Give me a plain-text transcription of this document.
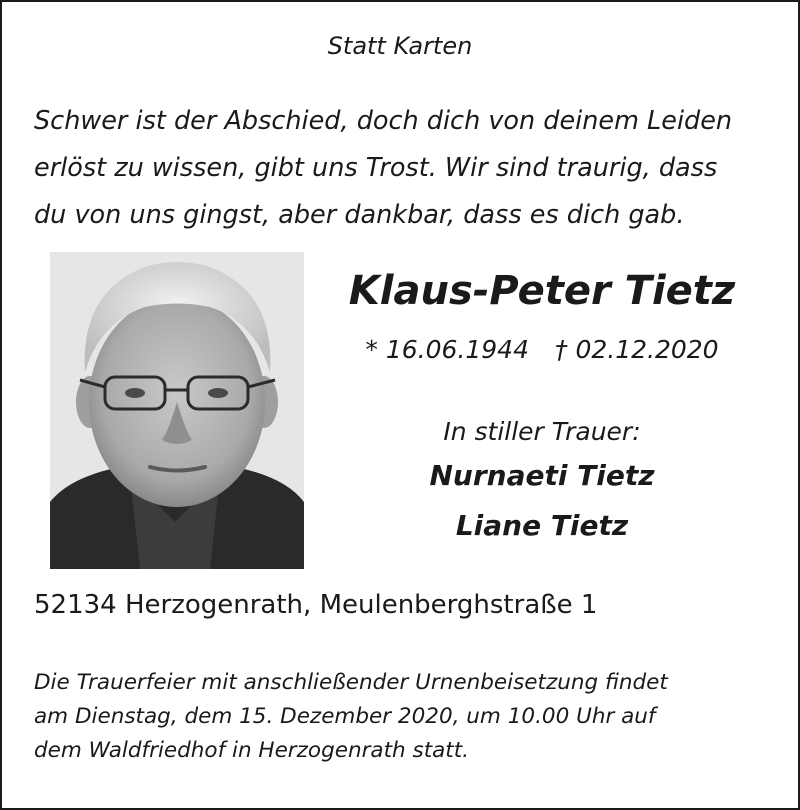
Statt Karten
Schwer ist der Abschied, doch dich von deinem Leiden
erlöst zu wissen, gibt uns Trost. Wir sind traurig, dass
du von uns gingst, aber dankbar, dass es dich gab.
Klaus-Peter Tietz
* 16.06.1944 † 02.12.2020
In stiller Trauer:
Nurnaeti Tietz
Liane Tietz
52134 Herzogenrath, Meulenberghstraße 1
Die Trauerfeier mit anschließender Urnenbeisetzung findet
am Dienstag, dem 15. Dezember 2020, um 10.00 Uhr auf
dem Waldfriedhof in Herzogenrath statt.
